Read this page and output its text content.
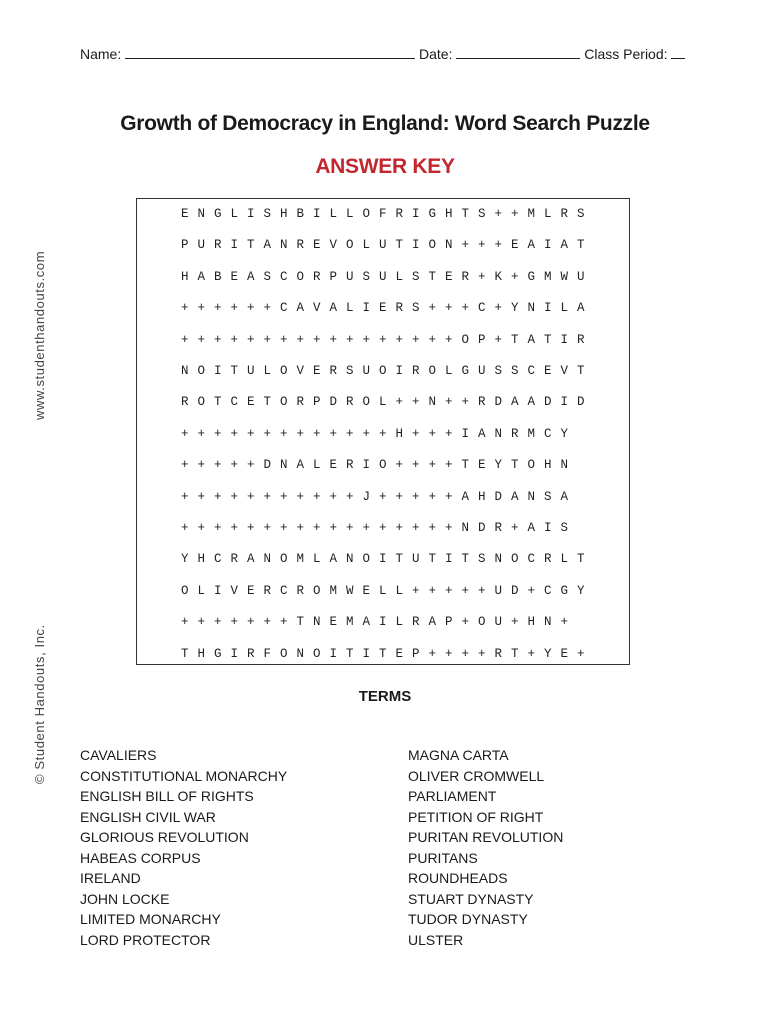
Name:	Date:	Class Period:
Growth of Democracy in England: Word Search Puzzle
ANSWER KEY
www.studenthandouts.com
© Student Handouts, Inc.
E N G L I S H B I L L O F R I G H T S + + M L R S
P U R I T A N R E V O L U T I O N + + + E A I A T
H A B E A S C O R P U S U L S T E R + K + G M W U
+ + + + + + C A V A L I E R S + + + C + Y N I L A
+ + + + + + + + + + + + + + + + + O P + T A T I R
N O I T U L O V E R S U O I R O L G U S S C E V T
R O T C E T O R P D R O L + + N + + R D A A D I D
+ + + + + + + + + + + + + H + + + I A N R M C Y
+ + + + + D N A L E R I O + + + + T E Y T O H N
+ + + + + + + + + + + J + + + + + A H D A N S A
+ + + + + + + + + + + + + + + + + N D R + A I S
Y H C R A N O M L A N O I T U T I T S N O C R L T
O L I V E R C R O M W E L L + + + + + U D + C G Y
+ + + + + + + T N E M A I L R A P + O U + H N +
T H G I R F O N O I T I T E P + + + + R T + Y E +
TERMS
CAVALIERS
CONSTITUTIONAL MONARCHY
ENGLISH BILL OF RIGHTS
ENGLISH CIVIL WAR
GLORIOUS REVOLUTION
HABEAS CORPUS
IRELAND
JOHN LOCKE
LIMITED MONARCHY
LORD PROTECTOR
MAGNA CARTA
OLIVER CROMWELL
PARLIAMENT
PETITION OF RIGHT
PURITAN REVOLUTION
PURITANS
ROUNDHEADS
STUART DYNASTY
TUDOR DYNASTY
ULSTER
